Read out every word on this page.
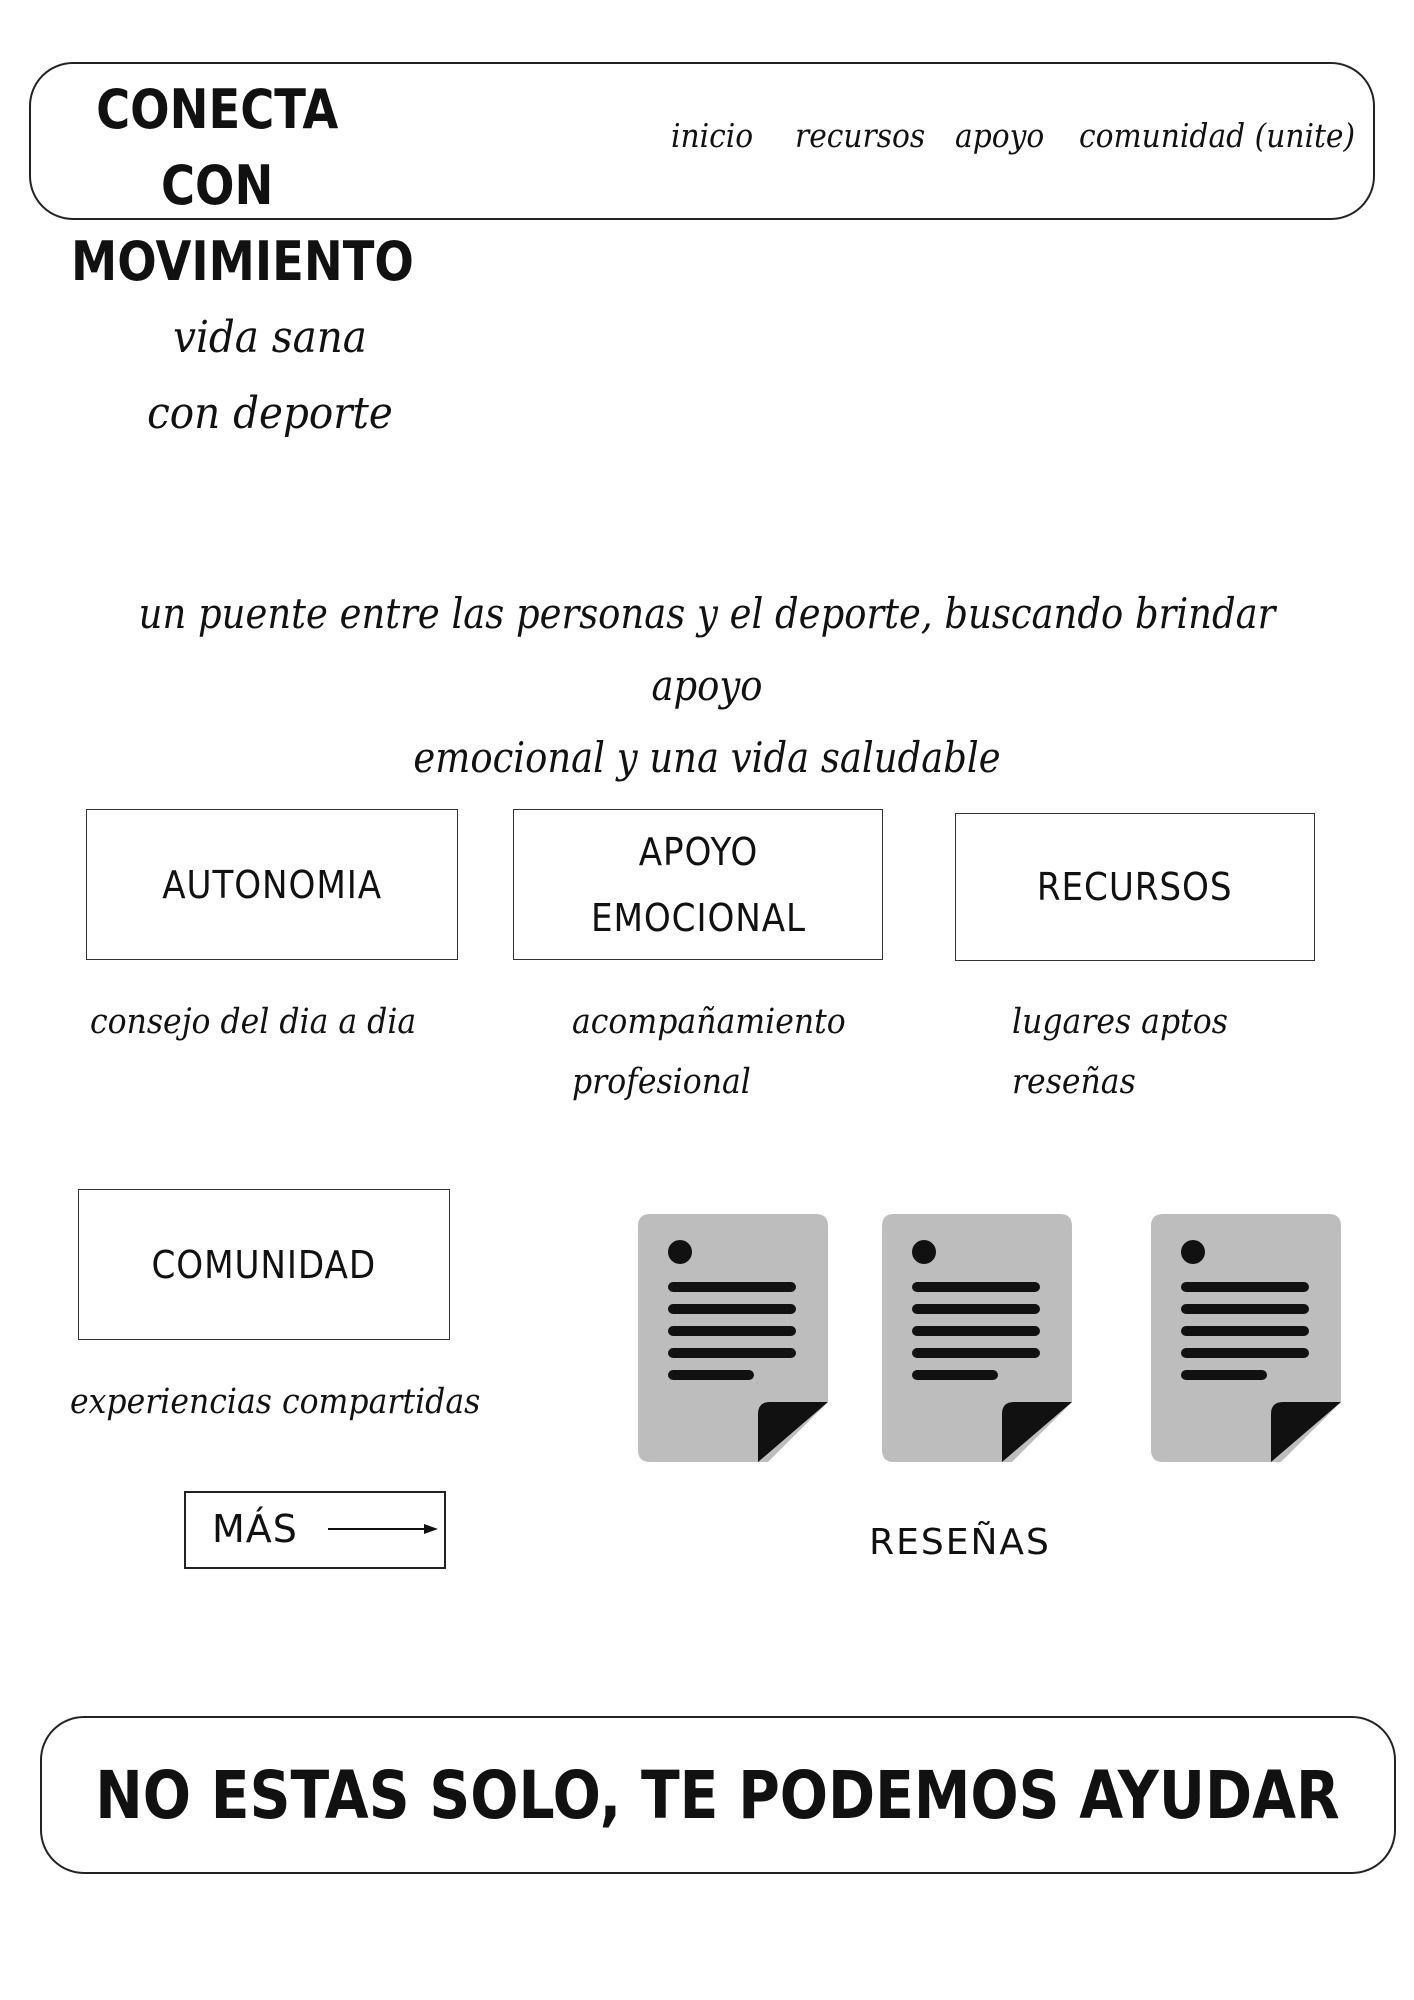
CONECTA CON
MOVIMIENTO
inicio recursos apoyo comunidad (unite)
vida sana
con deporte
un puente entre las personas y el deporte, buscando brindar apoyo
emocional y una vida saludable
AUTONOMIA
consejo del dia a dia
APOYO
EMOCIONAL
acompañamiento
profesional
RECURSOS
lugares aptos
reseñas
COMUNIDAD
experiencias compartidas
MÁS	RESEÑAS
NO ESTAS SOLO, TE PODEMOS AYUDAR
